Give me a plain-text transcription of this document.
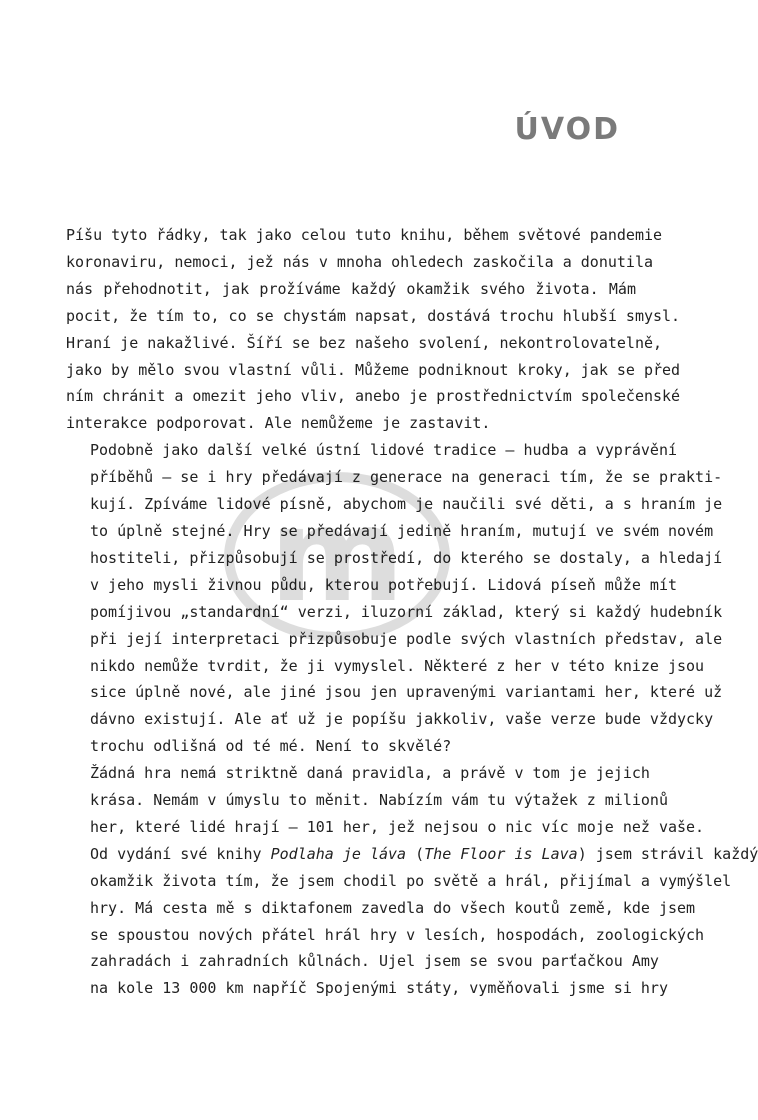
ÚVOD

Píšu tyto řádky, tak jako celou tuto knihu, během světové pandemie
koronaviru, nemoci, jež nás v mnoha ohledech zaskočila a donutila
nás přehodnotit, jak prožíváme každý okamžik svého života. Mám
pocit, že tím to, co se chystám napsat, dostává trochu hlubší smysl.
Hraní je nakažlivé. Šíří se bez našeho svolení, nekontrolovatelně,
jako by mělo svou vlastní vůli. Můžeme podniknout kroky, jak se před
ním chránit a omezit jeho vliv, anebo je prostřednictvím společenské
interakce podporovat. Ale nemůžeme je zastavit.

Podobně jako další velké ústní lidové tradice – hudba a vyprávění
příběhů – se i hry předávají z generace na generaci tím, že se prakti-
kují. Zpíváme lidové písně, abychom je naučili své děti, a s hraním je
to úplně stejné. Hry se předávají jedině hraním, mutují ve svém novém
hostiteli, přizpůsobují se prostředí, do kterého se dostaly, a hledají
v jeho mysli živnou půdu, kterou potřebují. Lidová píseň může mít
pomíjivou „standardní“ verzi, iluzorní základ, který si každý hudebník
při její interpretaci přizpůsobuje podle svých vlastních představ, ale
nikdo nemůže tvrdit, že ji vymyslel. Některé z her v této knize jsou
sice úplně nové, ale jiné jsou jen upravenými variantami her, které už
dávno existují. Ale ať už je popíšu jakkoliv, vaše verze bude vždycky
trochu odlišná od té mé. Není to skvělé?

Žádná hra nemá striktně daná pravidla, a právě v tom je jejich
krása. Nemám v úmyslu to měnit. Nabízím vám tu výtažek z milionů
her, které lidé hrají – 101 her, jež nejsou o nic víc moje než vaše.
Od vydání své knihy Podlaha je láva (The Floor is Lava) jsem strávil každý
okamžik života tím, že jsem chodil po světě a hrál, přijímal a vymýšlel
hry. Má cesta mě s diktafonem zavedla do všech koutů země, kde jsem
se spoustou nových přátel hrál hry v lesích, hospodách, zoologických
zahradách i zahradních kůlnách. Ujel jsem se svou parťačkou Amy
na kole 13 000 km napříč Spojenými státy, vyměňovali jsme si hry

m
